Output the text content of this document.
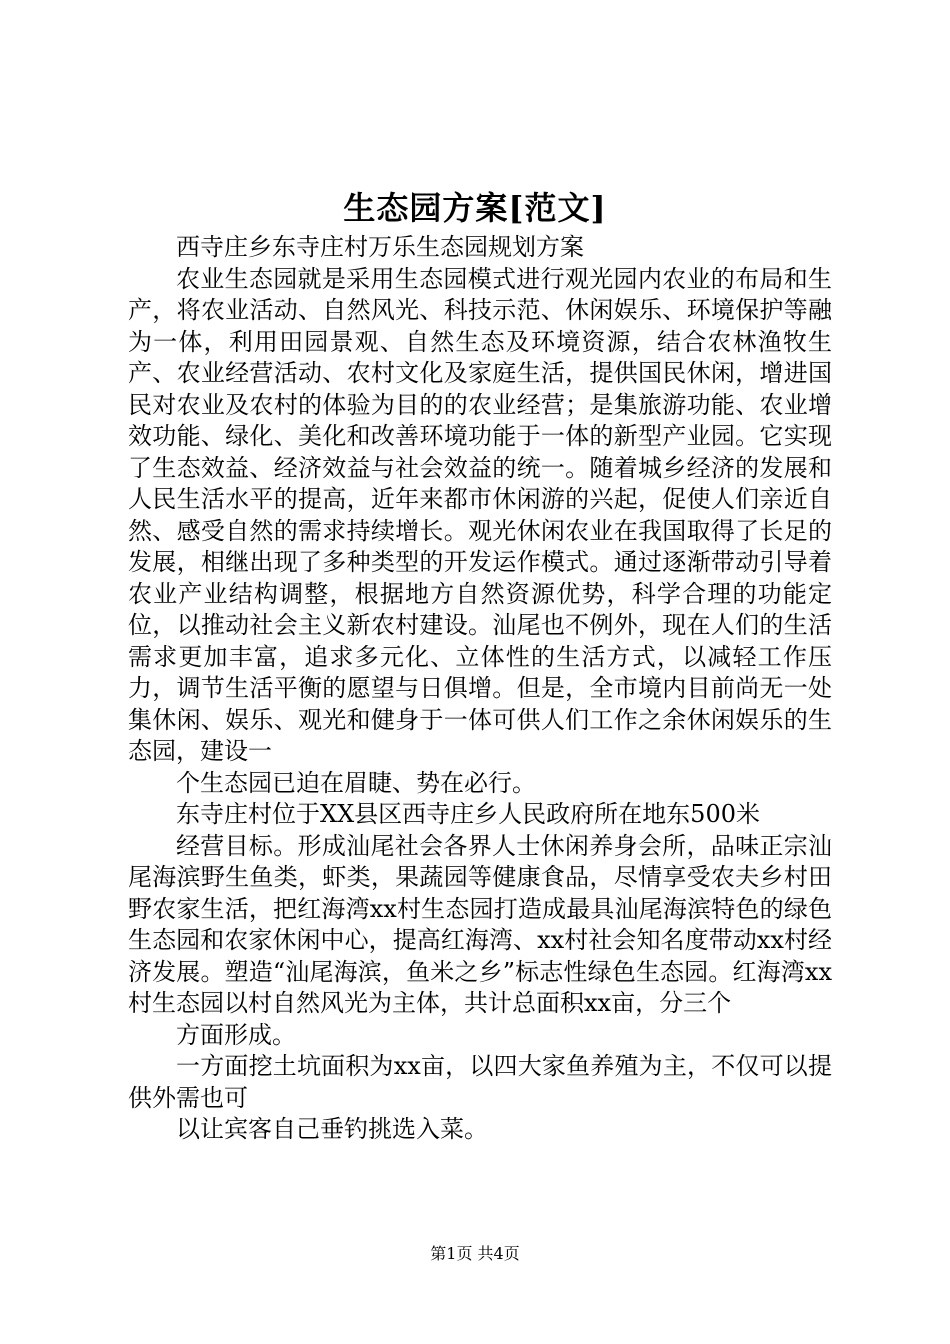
生态园方案[范文]

西寺庄乡东寺庄村万乐生态园规划方案

农业生态园就是采用生态园模式进行观光园内农业的布局和生产，将农业活动、自然风光、科技示范、休闲娱乐、环境保护等融为一体，利用田园景观、自然生态及环境资源，结合农林渔牧生产、农业经营活动、农村文化及家庭生活，提供国民休闲，增进国民对农业及农村的体验为目的的农业经营；是集旅游功能、农业增效功能、绿化、美化和改善环境功能于一体的新型产业园。它实现了生态效益、经济效益与社会效益的统一。随着城乡经济的发展和人民生活水平的提高，近年来都市休闲游的兴起，促使人们亲近自然、感受自然的需求持续增长。观光休闲农业在我国取得了长足的发展，相继出现了多种类型的开发运作模式。通过逐渐带动引导着农业产业结构调整，根据地方自然资源优势，科学合理的功能定位，以推动社会主义新农村建设。汕尾也不例外，现在人们的生活需求更加丰富，追求多元化、立体性的生活方式，以减轻工作压力，调节生活平衡的愿望与日俱增。但是，全市境内目前尚无一处集休闲、娱乐、观光和健身于一体可供人们工作之余休闲娱乐的生态园，建设一

个生态园已迫在眉睫、势在必行。

东寺庄村位于XX县区西寺庄乡人民政府所在地东500米

经营目标。形成汕尾社会各界人士休闲养身会所，品味正宗汕尾海滨野生鱼类，虾类，果蔬园等健康食品，尽情享受农夫乡村田野农家生活，把红海湾xx村生态园打造成最具汕尾海滨特色的绿色生态园和农家休闲中心，提高红海湾、xx村社会知名度带动xx村经济发展。塑造“汕尾海滨，鱼米之乡”标志性绿色生态园。红海湾xx村生态园以村自然风光为主体，共计总面积xx亩，分三个

方面形成。

一方面挖土坑面积为xx亩，以四大家鱼养殖为主，不仅可以提供外需也可

以让宾客自己垂钓挑选入菜。

第1页 共4页
